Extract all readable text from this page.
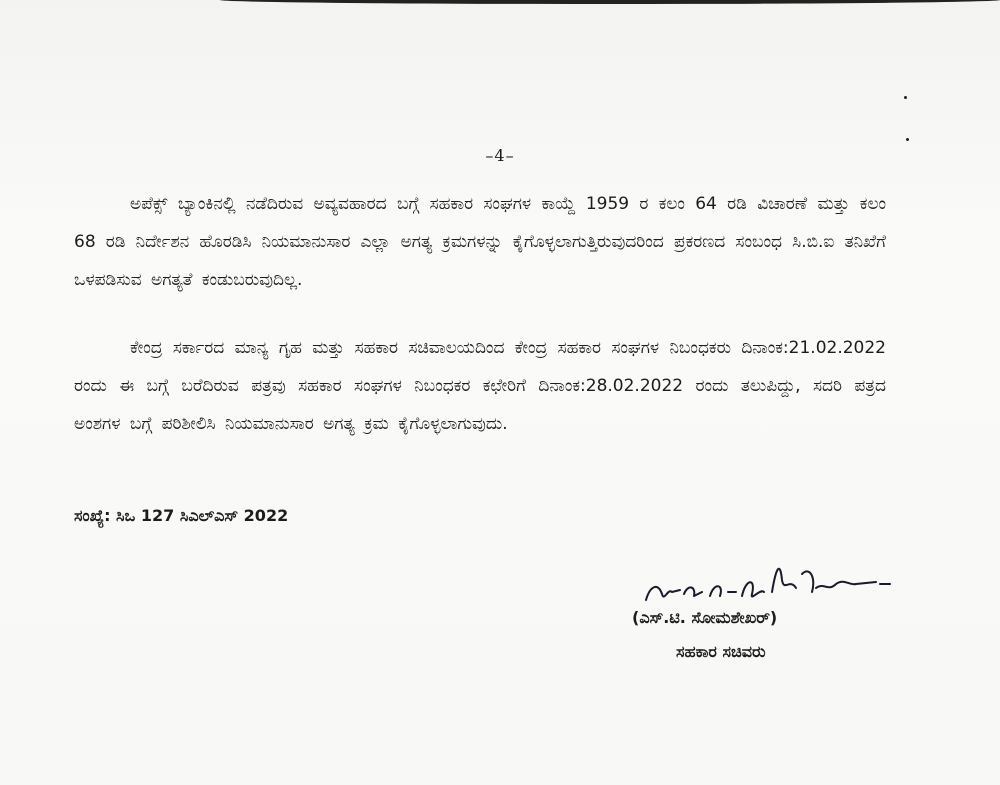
–4–

ಅಪೆಕ್ಸ್ ಬ್ಯಾಂಕಿನಲ್ಲಿ ನಡೆದಿರುವ ಅವ್ಯವಹಾರದ ಬಗ್ಗೆ ಸಹಕಾರ ಸಂಘಗಳ ಕಾಯ್ದೆ 1959 ರ ಕಲಂ 64 ರಡಿ ವಿಚಾರಣೆ ಮತ್ತು ಕಲಂ 68 ರಡಿ ನಿರ್ದೇಶನ ಹೊರಡಿಸಿ ನಿಯಮಾನುಸಾರ ಎಲ್ಲಾ ಅಗತ್ಯ ಕ್ರಮಗಳನ್ನು ಕೈಗೊಳ್ಳಲಾಗುತ್ತಿರುವುದರಿಂದ ಪ್ರಕರಣದ ಸಂಬಂಧ ಸಿ.ಬಿ.ಐ ತನಿಖೆಗೆ ಒಳಪಡಿಸುವ ಅಗತ್ಯತೆ ಕಂಡುಬರುವುದಿಲ್ಲ.

ಕೇಂದ್ರ ಸರ್ಕಾರದ ಮಾನ್ಯ ಗೃಹ ಮತ್ತು ಸಹಕಾರ ಸಚಿವಾಲಯದಿಂದ ಕೇಂದ್ರ ಸಹಕಾರ ಸಂಘಗಳ ನಿಬಂಧಕರು ದಿನಾಂಕ:21.02.2022 ರಂದು ಈ ಬಗ್ಗೆ ಬರೆದಿರುವ ಪತ್ರವು ಸಹಕಾರ ಸಂಘಗಳ ನಿಬಂಧಕರ ಕಛೇರಿಗೆ ದಿನಾಂಕ:28.02.2022 ರಂದು ತಲುಪಿದ್ದು, ಸದರಿ ಪತ್ರದ ಅಂಶಗಳ ಬಗ್ಗೆ ಪರಿಶೀಲಿಸಿ ನಿಯಮಾನುಸಾರ ಅಗತ್ಯ ಕ್ರಮ ಕೈಗೊಳ್ಳಲಾಗುವುದು.

ಸಂಖ್ಯೆ: ಸಿಒ 127 ಸಿಎಲ್ಎಸ್ 2022
(ಎಸ್.ಟಿ. ಸೋಮಶೇಖರ್)
ಸಹಕಾರ ಸಚಿವರು
